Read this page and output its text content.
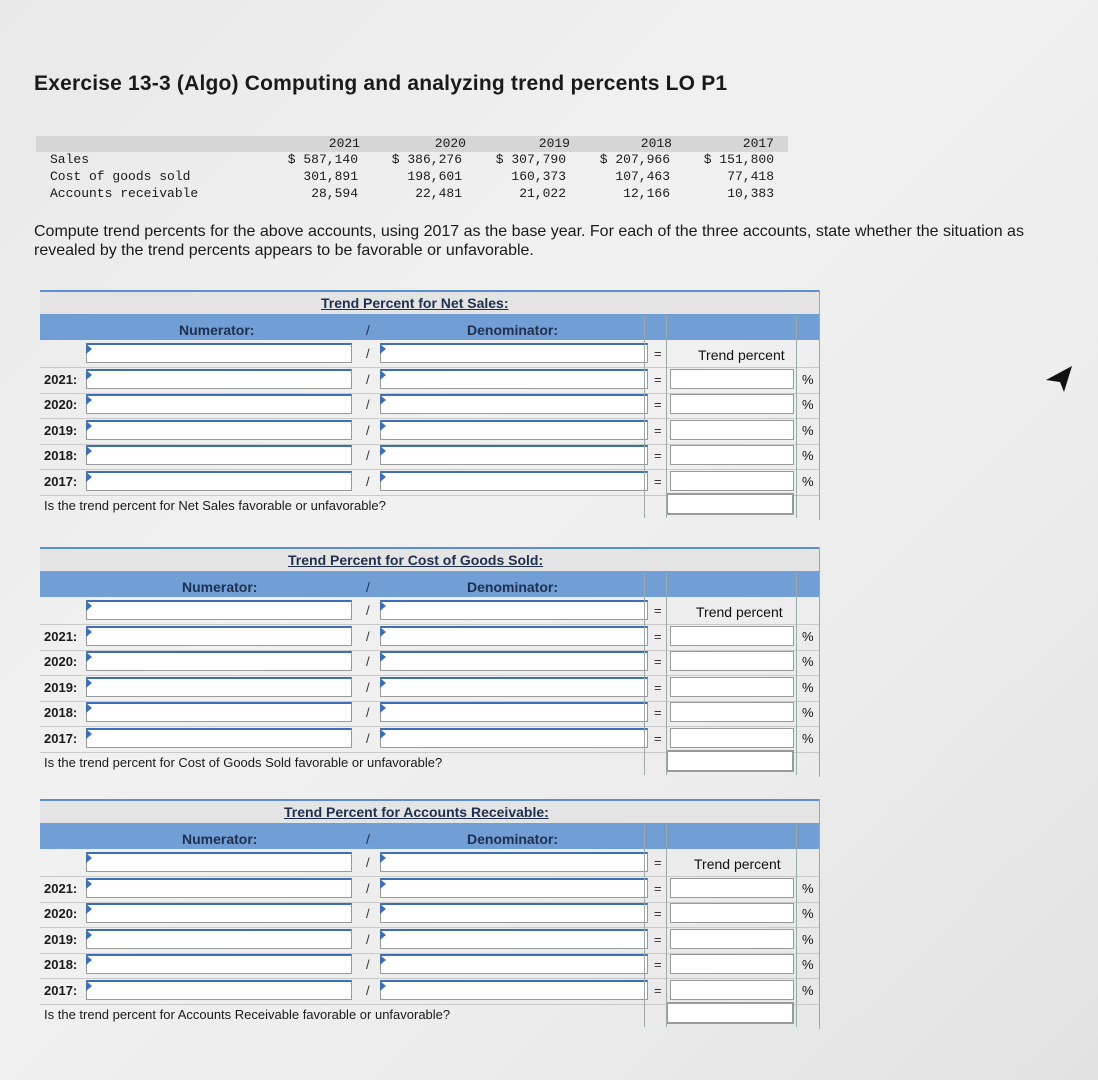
Exercise 13-3 (Algo) Computing and analyzing trend percents LO P1
2021	2020	2019	2018	2017
Sales	$ 587,140	$ 386,276	$ 307,790	$ 207,966	$ 151,800
Cost of goods sold	301,891	198,601	160,373	107,463	77,418
Accounts receivable	28,594	22,481	21,022	12,166	10,383
Compute trend percents for the above accounts, using 2017 as the base year. For each of the three accounts, state whether the situation as revealed by the trend percents appears to be favorable or unfavorable.
Trend Percent for Net Sales:
Numerator:	/	Denominator:
Trend percent
/	=
2021:	/	=	%
2020:	/	=	%
2019:	/	=	%
2018:	/	=	%
2017:	/	=	%
Is the trend percent for Net Sales favorable or unfavorable?
Trend Percent for Cost of Goods Sold:
Numerator:	/	Denominator:
Trend percent
/	=
2021:	/	=	%
2020:	/	=	%
2019:	/	=	%
2018:	/	=	%
2017:	/	=	%
Is the trend percent for Cost of Goods Sold favorable or unfavorable?
Trend Percent for Accounts Receivable:
Numerator:	/	Denominator:
Trend percent
/	=
2021:	/	=	%
2020:	/	=	%
2019:	/	=	%
2018:	/	=	%
2017:	/	=	%
Is the trend percent for Accounts Receivable favorable or unfavorable?
